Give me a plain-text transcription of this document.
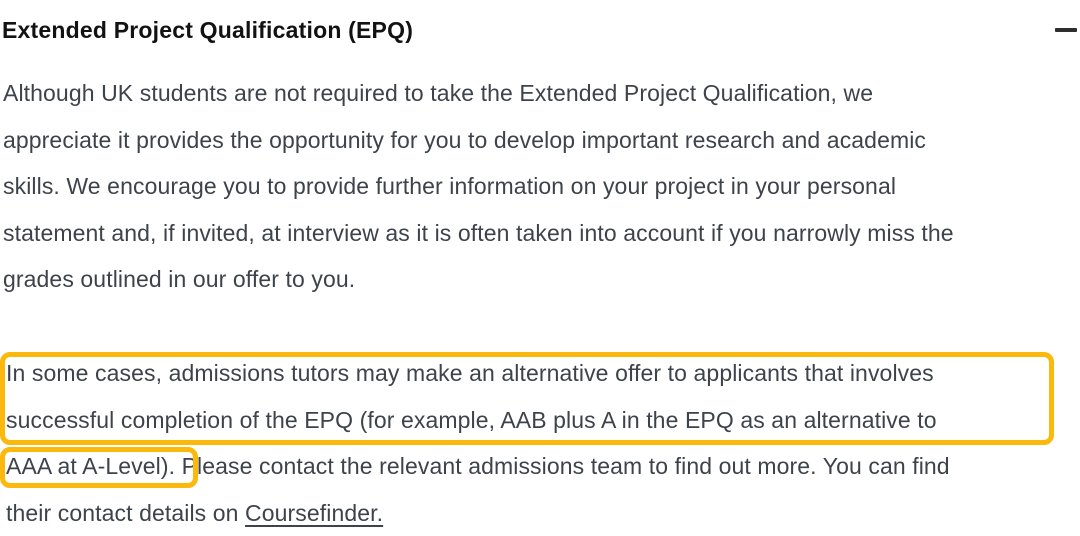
Extended Project Qualification (EPQ)
Although UK students are not required to take the Extended Project Qualification, we
appreciate it provides the opportunity for you to develop important research and academic
skills. We encourage you to provide further information on your project in your personal
statement and, if invited, at interview as it is often taken into account if you narrowly miss the
grades outlined in our offer to you.
In some cases, admissions tutors may make an alternative offer to applicants that involves
successful completion of the EPQ (for example, AAB plus A in the EPQ as an alternative to
AAA at A-Level). Please contact the relevant admissions team to find out more. You can find
their contact details on Coursefinder.
